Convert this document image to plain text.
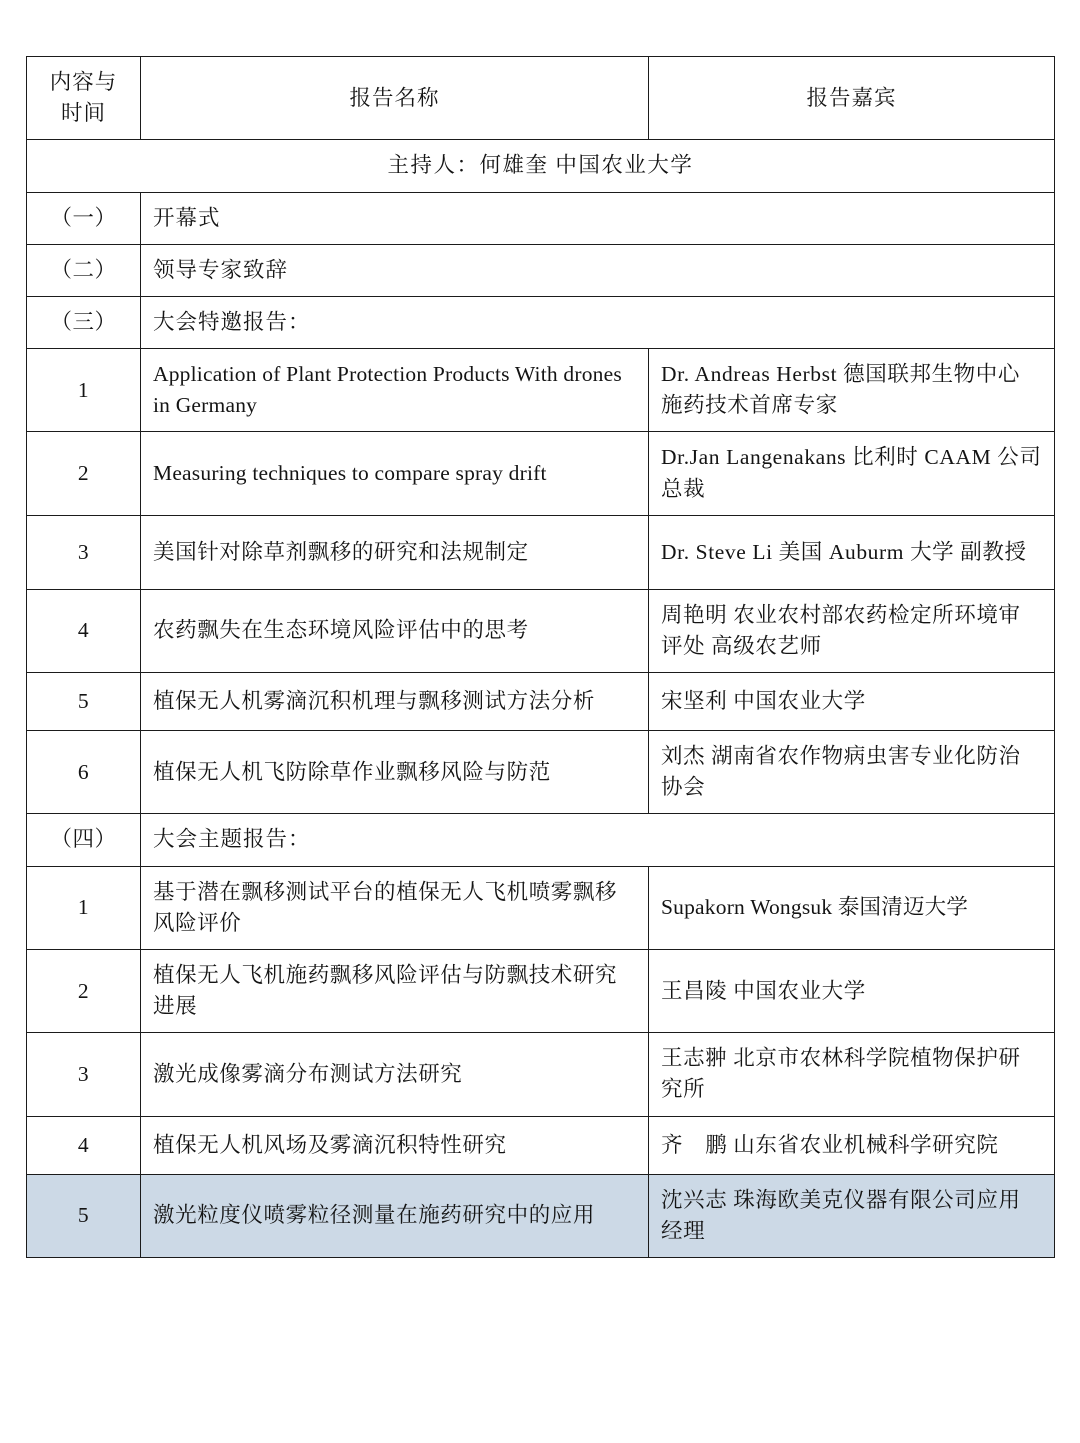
内容与
时间	报告名称	报告嘉宾
主持人：何雄奎 中国农业大学		
（一）	开幕式	
（二）	领导专家致辞	
（三）	大会特邀报告：	
1	Application of Plant Protection Products With drones in Germany	Dr. Andreas Herbst 德国联邦生物中心施药技术首席专家
2	Measuring techniques to compare spray drift	Dr.Jan Langenakans 比利时 CAAM 公司总裁
3	美国针对除草剂飘移的研究和法规制定	Dr. Steve Li 美国 Auburm 大学 副教授
4	农药飘失在生态环境风险评估中的思考	周艳明 农业农村部农药检定所环境审评处 高级农艺师
5	植保无人机雾滴沉积机理与飘移测试方法分析	宋坚利 中国农业大学
6	植保无人机飞防除草作业飘移风险与防范	刘杰 湖南省农作物病虫害专业化防治协会
（四）	大会主题报告：	
1	基于潜在飘移测试平台的植保无人飞机喷雾飘移风险评价	Supakorn Wongsuk 泰国清迈大学
2	植保无人飞机施药飘移风险评估与防飘技术研究进展	王昌陵 中国农业大学
3	激光成像雾滴分布测试方法研究	王志翀 北京市农林科学院植物保护研究所
4	植保无人机风场及雾滴沉积特性研究	齐　鹏 山东省农业机械科学研究院
5	激光粒度仪喷雾粒径测量在施药研究中的应用	沈兴志 珠海欧美克仪器有限公司应用经理
